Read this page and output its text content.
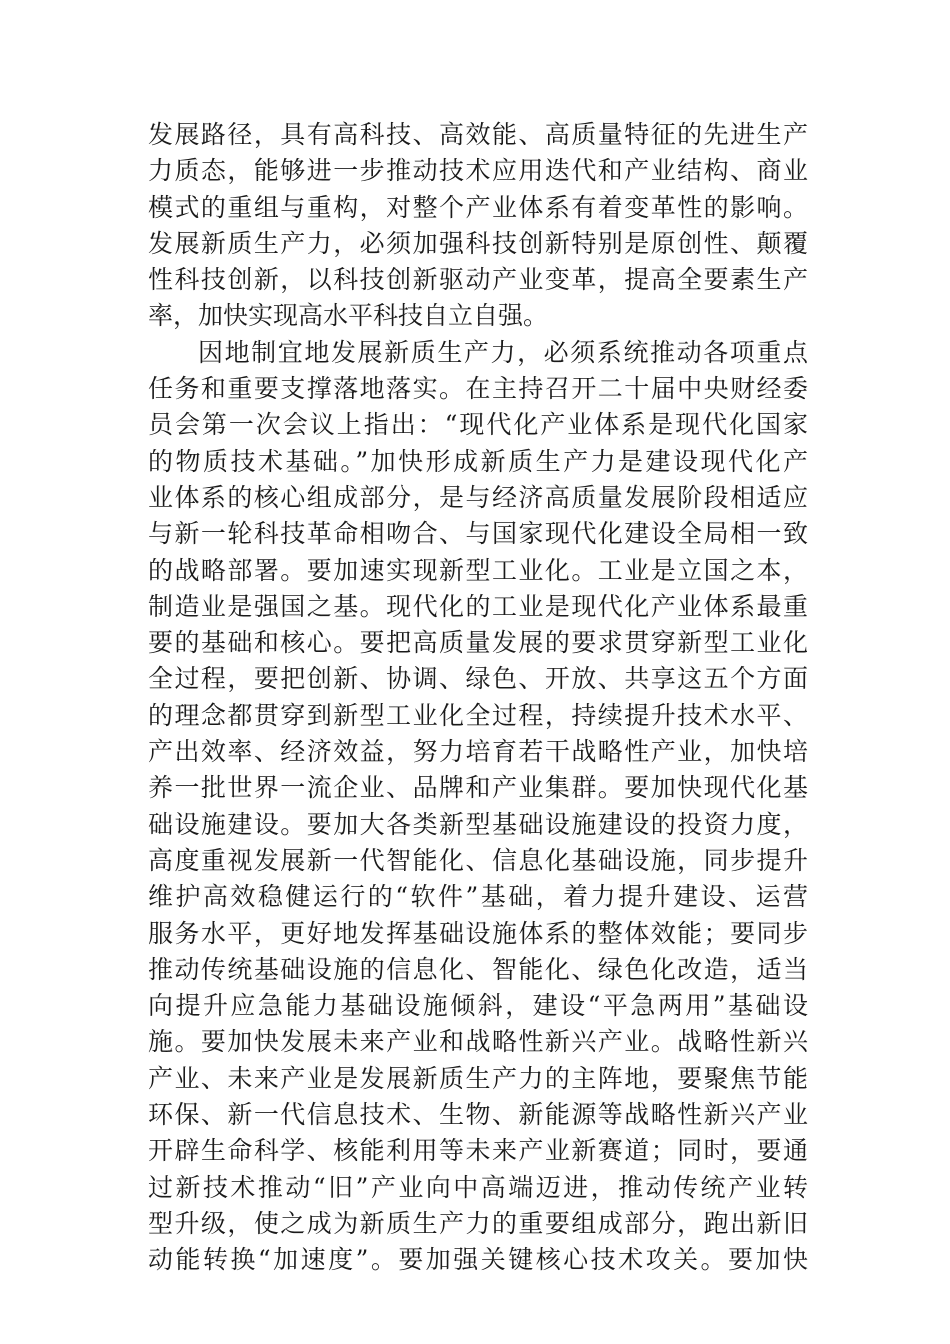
发展路径，具有高科技、高效能、高质量特征的先进生产
力质态，能够进一步推动技术应用迭代和产业结构、商业
模式的重组与重构，对整个产业体系有着变革性的影响。
发展新质生产力，必须加强科技创新特别是原创性、颠覆
性科技创新，以科技创新驱动产业变革，提高全要素生产
率，加快实现高水平科技自立自强。
因地制宜地发展新质生产力，必须系统推动各项重点
任务和重要支撑落地落实。在主持召开二十届中央财经委
员会第一次会议上指出：“现代化产业体系是现代化国家
的物质技术基础。”加快形成新质生产力是建设现代化产
业体系的核心组成部分，是与经济高质量发展阶段相适应
与新一轮科技革命相吻合、与国家现代化建设全局相一致
的战略部署。要加速实现新型工业化。工业是立国之本，
制造业是强国之基。现代化的工业是现代化产业体系最重
要的基础和核心。要把高质量发展的要求贯穿新型工业化
全过程，要把创新、协调、绿色、开放、共享这五个方面
的理念都贯穿到新型工业化全过程，持续提升技术水平、
产出效率、经济效益，努力培育若干战略性产业，加快培
养一批世界一流企业、品牌和产业集群。要加快现代化基
础设施建设。要加大各类新型基础设施建设的投资力度，
高度重视发展新一代智能化、信息化基础设施，同步提升
维护高效稳健运行的“软件”基础，着力提升建设、运营
服务水平，更好地发挥基础设施体系的整体效能；要同步
推动传统基础设施的信息化、智能化、绿色化改造，适当
向提升应急能力基础设施倾斜，建设“平急两用”基础设
施。要加快发展未来产业和战略性新兴产业。战略性新兴
产业、未来产业是发展新质生产力的主阵地，要聚焦节能
环保、新一代信息技术、生物、新能源等战略性新兴产业
开辟生命科学、核能利用等未来产业新赛道；同时，要通
过新技术推动“旧”产业向中高端迈进，推动传统产业转
型升级，使之成为新质生产力的重要组成部分，跑出新旧
动能转换“加速度”。要加强关键核心技术攻关。要加快
